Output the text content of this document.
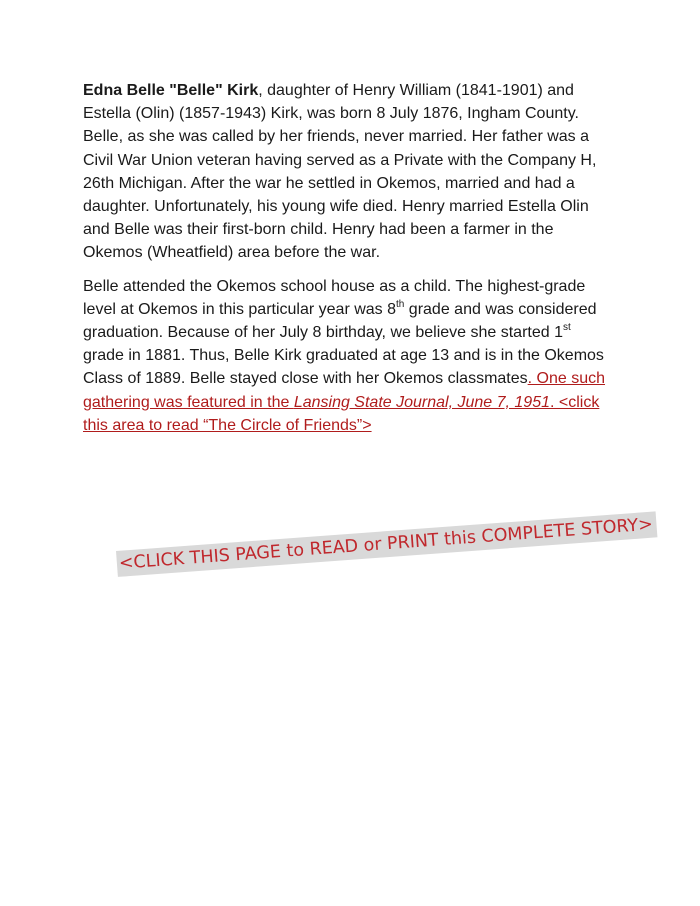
Edna Belle "Belle" Kirk, daughter of Henry William (1841-1901) and
Estella (Olin) (1857-1943) Kirk, was born 8 July 1876, Ingham County.
Belle, as she was called by her friends, never married. Her father was a
Civil War Union veteran having served as a Private with the Company H,
26th Michigan. After the war he settled in Okemos, married and had a
daughter. Unfortunately, his young wife died. Henry married Estella Olin
and Belle was their first-born child. Henry had been a farmer in the
Okemos (Wheatfield) area before the war.

Belle attended the Okemos school house as a child. The highest-grade
level at Okemos in this particular year was 8th grade and was considered
graduation. Because of her July 8 birthday, we believe she started 1st
grade in 1881. Thus, Belle Kirk graduated at age 13 and is in the Okemos
Class of 1889. Belle stayed close with her Okemos classmates. One such
gathering was featured in the Lansing State Journal, June 7, 1951. <click
this area to read “The Circle of Friends”>

<CLICK THIS PAGE to READ or PRINT this COMPLETE STORY>
